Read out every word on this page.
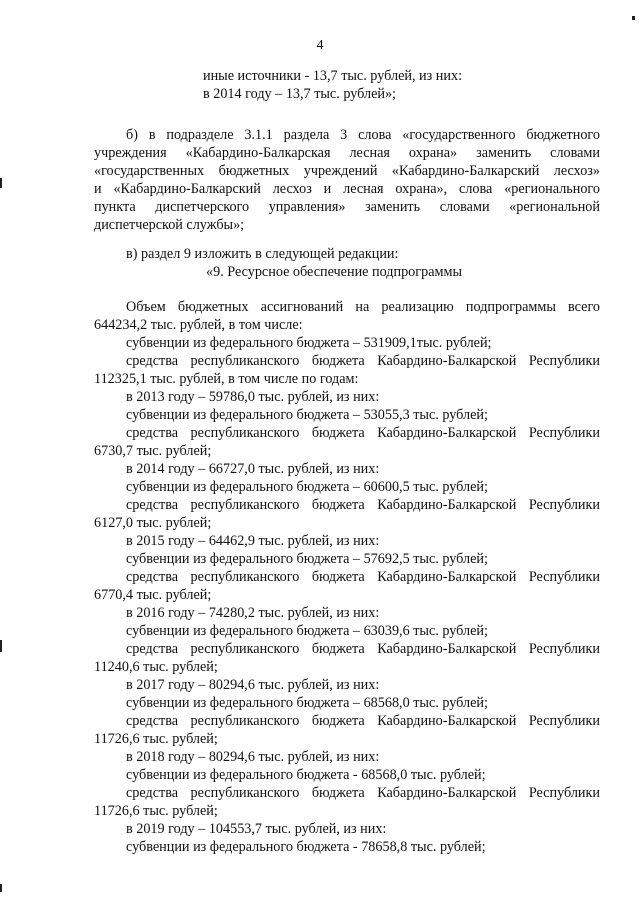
4
иные источники - 13,7 тыс. рублей, из них:
в 2014 году – 13,7 тыс. рублей»;
б) в подразделе 3.1.1 раздела 3 слова «государственного бюджетного
учреждения «Кабардино-Балкарская лесная охрана» заменить словами
«государственных бюджетных учреждений «Кабардино-Балкарский лесхоз»
и «Кабардино-Балкарский лесхоз и лесная охрана», слова «регионального
пункта диспетчерского управления» заменить словами «региональной
диспетчерской службы»;
в) раздел 9 изложить в следующей редакции:
«9. Ресурсное обеспечение подпрограммы
Объем бюджетных ассигнований на реализацию подпрограммы всего
644234,2 тыс. рублей, в том числе:
субвенции из федерального бюджета – 531909,1тыс. рублей;
средства республиканского бюджета Кабардино-Балкарской Республики
112325,1 тыс. рублей, в том числе по годам:
в 2013 году – 59786,0 тыс. рублей, из них:
субвенции из федерального бюджета – 53055,3 тыс. рублей;
средства республиканского бюджета Кабардино-Балкарской Республики
6730,7 тыс. рублей;
в 2014 году – 66727,0 тыс. рублей, из них:
субвенции из федерального бюджета – 60600,5 тыс. рублей;
средства республиканского бюджета Кабардино-Балкарской Республики
6127,0 тыс. рублей;
в 2015 году – 64462,9 тыс. рублей, из них:
субвенции из федерального бюджета – 57692,5 тыс. рублей;
средства республиканского бюджета Кабардино-Балкарской Республики
6770,4 тыс. рублей;
в 2016 году – 74280,2 тыс. рублей, из них:
субвенции из федерального бюджета – 63039,6 тыс. рублей;
средства республиканского бюджета Кабардино-Балкарской Республики
11240,6 тыс. рублей;
в 2017 году – 80294,6 тыс. рублей, из них:
субвенции из федерального бюджета – 68568,0 тыс. рублей;
средства республиканского бюджета Кабардино-Балкарской Республики
11726,6 тыс. рублей;
в 2018 году – 80294,6 тыс. рублей, из них:
субвенции из федерального бюджета - 68568,0 тыс. рублей;
средства республиканского бюджета Кабардино-Балкарской Республики
11726,6 тыс. рублей;
в 2019 году – 104553,7 тыс. рублей, из них:
субвенции из федерального бюджета - 78658,8 тыс. рублей;
